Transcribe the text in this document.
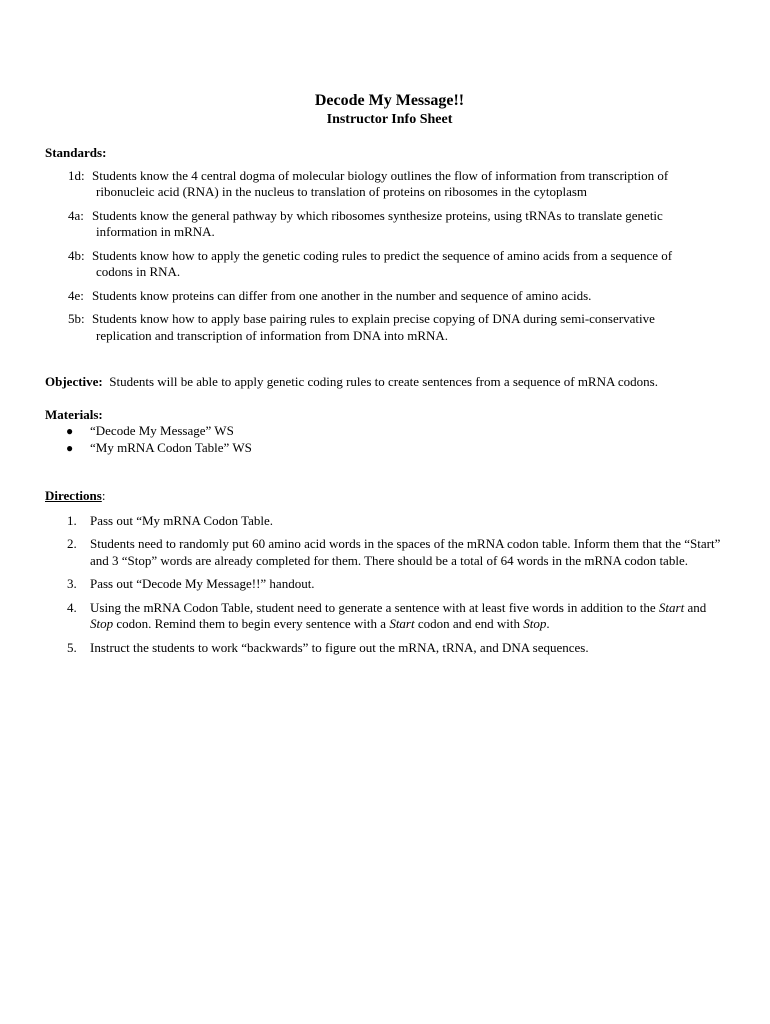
Decode My Message!!
Instructor Info Sheet
Standards:
1d: Students know the 4 central dogma of molecular biology outlines the flow of information from transcription of
ribonucleic acid (RNA) in the nucleus to translation of proteins on ribosomes in the cytoplasm
4a: Students know the general pathway by which ribosomes synthesize proteins, using tRNAs to translate genetic
information in mRNA.
4b: Students know how to apply the genetic coding rules to predict the sequence of amino acids from a sequence of
codons in RNA.
4e: Students know proteins can differ from one another in the number and sequence of amino acids.
5b: Students know how to apply base pairing rules to explain precise copying of DNA during semi-conservative
replication and transcription of information from DNA into mRNA.
Objective: Students will be able to apply genetic coding rules to create sentences from a sequence of mRNA codons.
Materials:
● “Decode My Message” WS
● “My mRNA Codon Table” WS
Directions:
1. Pass out “My mRNA Codon Table.
2. Students need to randomly put 60 amino acid words in the spaces of the mRNA codon table. Inform them that the “Start” and 3 “Stop” words are already completed for them. There should be a total of 64 words in the mRNA codon table.
3. Pass out “Decode My Message!!” handout.
4. Using the mRNA Codon Table, student need to generate a sentence with at least five words in addition to the Start and Stop codon. Remind them to begin every sentence with a Start codon and end with Stop.
5. Instruct the students to work “backwards” to figure out the mRNA, tRNA, and DNA sequences.
